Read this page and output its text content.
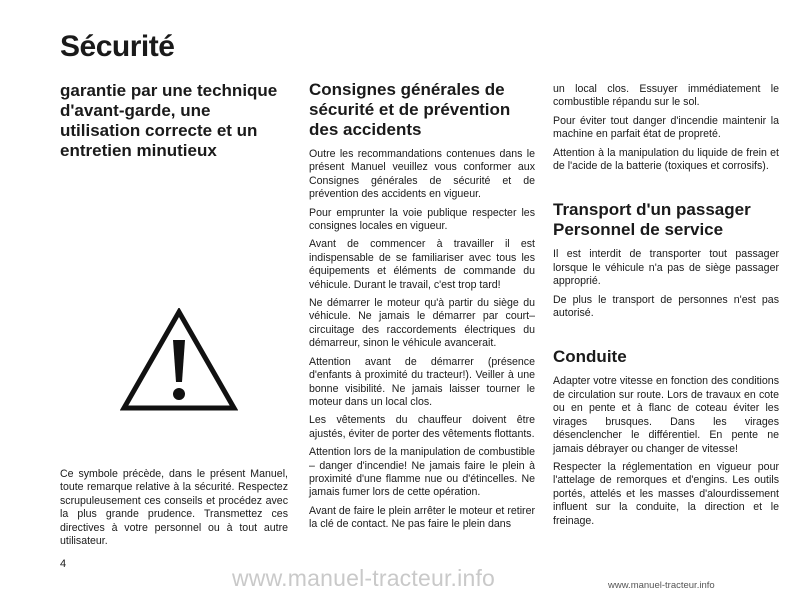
Sécurité
garantie par une technique d'avant-garde, une utilisation correcte et un entretien minutieux

Ce symbole précède, dans le présent Manuel, toute remarque relative à la sécurité. Respectez scrupuleusement ces conseils et procédez avec la plus grande prudence. Transmettez ces directives à votre personnel ou à tout autre utilisateur.

4
Consignes générales de sécurité et de prévention des accidents

Outre les recommandations contenues dans le présent Manuel veuillez vous conformer aux Consignes générales de sécurité et de prévention des accidents en vigueur.

Pour emprunter la voie publique respecter les consignes locales en vigueur.

Avant de commencer à travailler il est indispensable de se familiariser avec tous les équipements et éléments de commande du véhicule. Durant le travail, c'est trop tard!

Ne démarrer le moteur qu'à partir du siège du véhicule. Ne jamais le démarrer par court–circuitage des raccordements électriques du démarreur, sinon le véhicule avancerait.

Attention avant de démarrer (présence d'enfants à proximité du tracteur!). Veiller à une bonne visibilité. Ne jamais laisser tourner le moteur dans un local clos.

Les vêtements du chauffeur doivent être ajustés, éviter de porter des vêtements flottants.

Attention lors de la manipulation de combustible – danger d'incendie! Ne jamais faire le plein à proximité d'une flamme nue ou d'étincelles. Ne jamais fumer lors de cette opération.

Avant de faire le plein arrêter le moteur et retirer la clé de contact. Ne pas faire le plein dans

un local clos. Essuyer immédiatement le combustible répandu sur le sol.

Pour éviter tout danger d'incendie maintenir la machine en parfait état de propreté.

Attention à la manipulation du liquide de frein et de l'acide de la batterie (toxiques et corrosifs).

Transport d'un passager Personnel de service

Il est interdit de transporter tout passager lorsque le véhicule n'a pas de siège passager approprié.

De plus le transport de personnes n'est pas autorisé.

Conduite

Adapter votre vitesse en fonction des conditions de circulation sur route. Lors de travaux en cote ou en pente et à flanc de coteau éviter les virages brusques. Dans les virages désenclencher le différentiel. En pente ne jamais débrayer ou changer de vitesse!

Respecter la réglementation en vigueur pour l'attelage de remorques et d'engins. Les outils portés, attelés et les masses d'alourdissement influent sur la conduite, la direction et le freinage.

www.manuel-tracteur.info	www.manuel-tracteur.info
